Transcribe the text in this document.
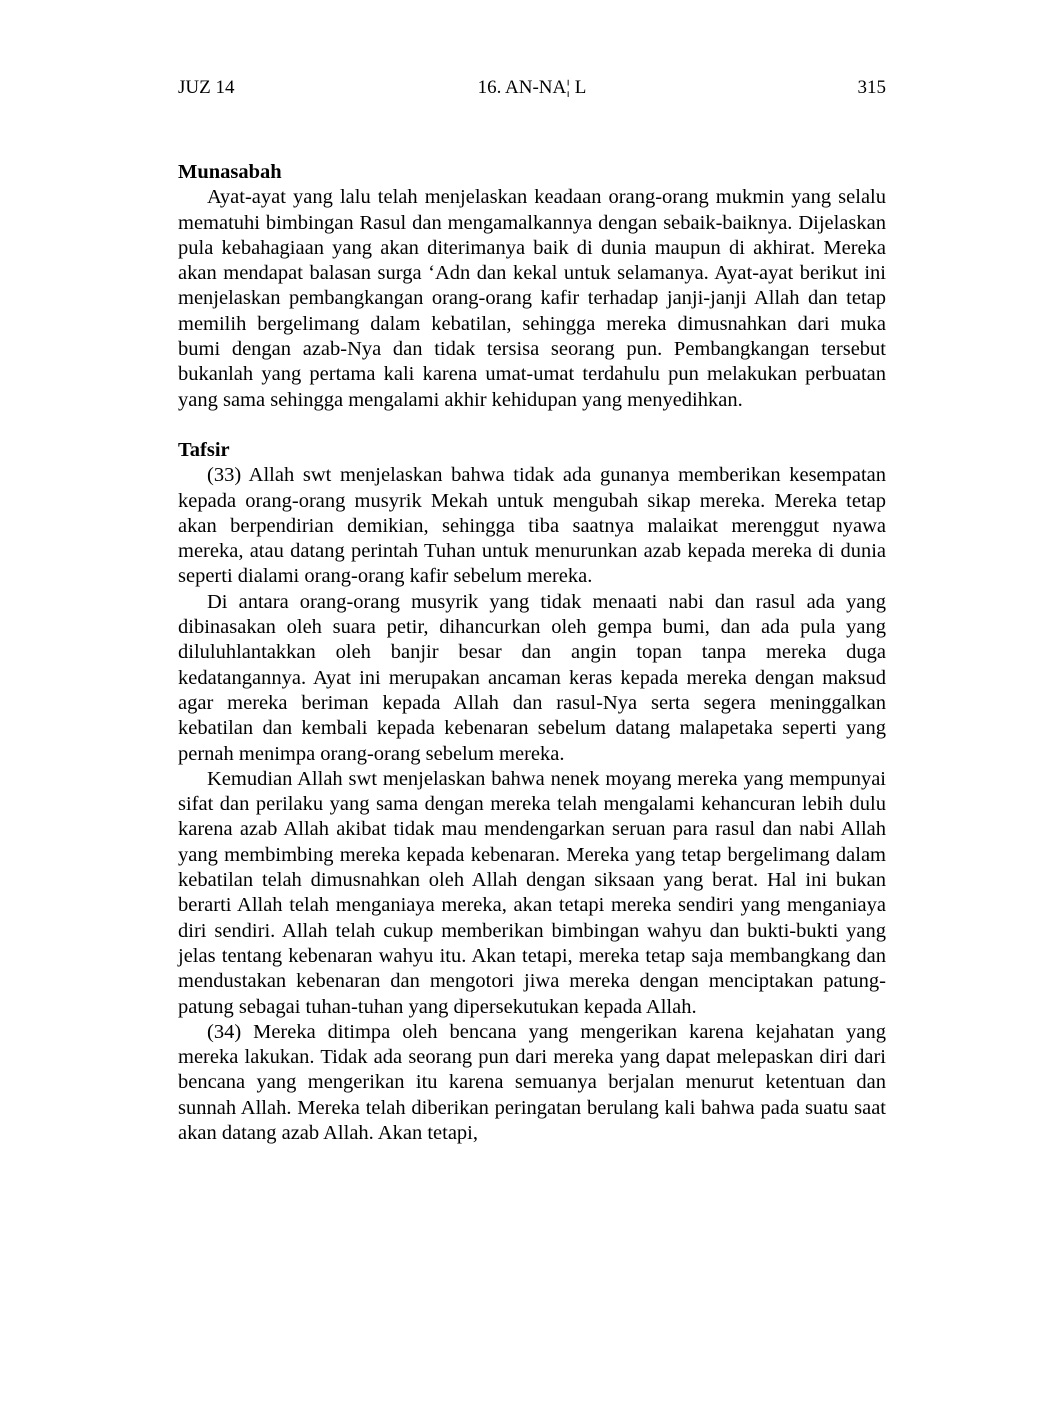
JUZ 14	16. AN-NA¦ L	315

Munasabah

Ayat-ayat yang lalu telah menjelaskan keadaan orang-orang mukmin yang selalu mematuhi bimbingan Rasul dan mengamalkannya dengan sebaik-baiknya. Dijelaskan pula kebahagiaan yang akan diterimanya baik di dunia maupun di akhirat. Mereka akan mendapat balasan surga ‘Adn dan kekal untuk selamanya. Ayat-ayat berikut ini menjelaskan pembangkangan orang-orang kafir terhadap janji-janji Allah dan tetap memilih bergelimang dalam kebatilan, sehingga mereka dimusnahkan dari muka bumi dengan azab-Nya dan tidak tersisa seorang pun. Pembangkangan tersebut bukanlah yang pertama kali karena umat-umat terdahulu pun melakukan perbuatan yang sama sehingga mengalami akhir kehidupan yang menyedihkan.

Tafsir

(33) Allah swt menjelaskan bahwa tidak ada gunanya memberikan kesempatan kepada orang-orang musyrik Mekah untuk mengubah sikap mereka. Mereka tetap akan berpendirian demikian, sehingga tiba saatnya malaikat merenggut nyawa mereka, atau datang perintah Tuhan untuk menurunkan azab kepada mereka di dunia seperti dialami orang-orang kafir sebelum mereka.

Di antara orang-orang musyrik yang tidak menaati nabi dan rasul ada yang dibinasakan oleh suara petir, dihancurkan oleh gempa bumi, dan ada pula yang diluluhlantakkan oleh banjir besar dan angin topan tanpa mereka duga kedatangannya. Ayat ini merupakan ancaman keras kepada mereka dengan maksud agar mereka beriman kepada Allah dan rasul-Nya serta segera meninggalkan kebatilan dan kembali kepada kebenaran sebelum datang malapetaka seperti yang pernah menimpa orang-orang sebelum mereka.

Kemudian Allah swt menjelaskan bahwa nenek moyang mereka yang mempunyai sifat dan perilaku yang sama dengan mereka telah mengalami kehancuran lebih dulu karena azab Allah akibat tidak mau mendengarkan seruan para rasul dan nabi Allah yang membimbing mereka kepada kebenaran. Mereka yang tetap bergelimang dalam kebatilan telah dimusnahkan oleh Allah dengan siksaan yang berat. Hal ini bukan berarti Allah telah menganiaya mereka, akan tetapi mereka sendiri yang menganiaya diri sendiri. Allah telah cukup memberikan bimbingan wahyu dan bukti-bukti yang jelas tentang kebenaran wahyu itu. Akan tetapi, mereka tetap saja membangkang dan mendustakan kebenaran dan mengotori jiwa mereka dengan menciptakan patung-patung sebagai tuhan-tuhan yang dipersekutukan kepada Allah.

(34) Mereka ditimpa oleh bencana yang mengerikan karena kejahatan yang mereka lakukan. Tidak ada seorang pun dari mereka yang dapat melepaskan diri dari bencana yang mengerikan itu karena semuanya berjalan menurut ketentuan dan sunnah Allah. Mereka telah diberikan peringatan berulang kali bahwa pada suatu saat akan datang azab Allah. Akan tetapi,
